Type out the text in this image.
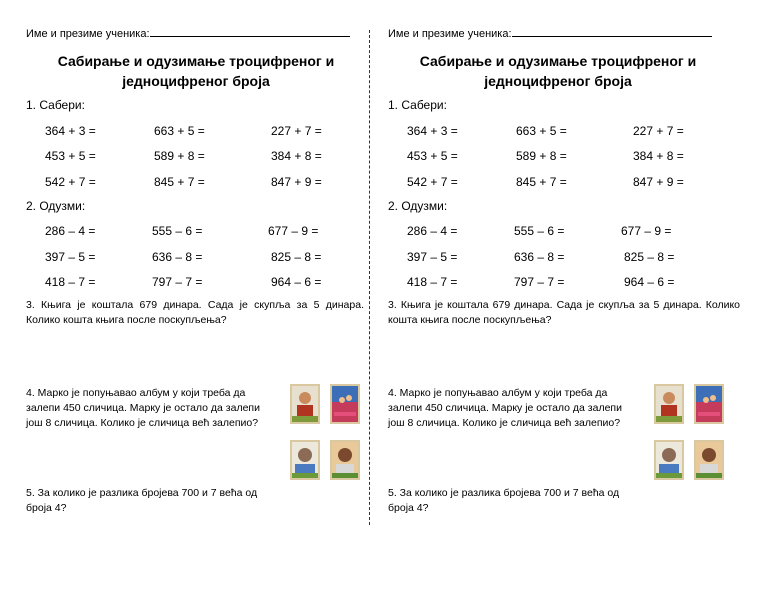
Име и презиме ученика:
Сабирање и одузимање троцифреног и
једноцифреног броја
1. Сабери:
364 + 3 =	663 + 5 =	227 + 7 =
453 + 5 =	589 + 8 =	384 + 8 =
542 + 7 =	845 + 7 =	847 + 9 =
2. Одузми:
286 – 4 =	555 – 6 =	677 – 9 =
397 – 5 =	636 – 8 =	825 – 8 =
418 – 7 =	797 – 7 =	964 – 6 =
3. Књига је коштала 679 динара. Сада је скупља за 5 динара. Колико кошта књига после поскупљења?
4. Марко је попуњавао албум у који треба да
залепи 450 сличица. Марку је остало да залепи
још 8 сличица. Колико је сличица већ залепио?
5. За колико је разлика бројева 700 и 7 већа од
броја 4?
Име и презиме ученика:
Сабирање и одузимање троцифреног и
једноцифреног броја
1. Сабери:
364 + 3 =	663 + 5 =	227 + 7 =
453 + 5 =	589 + 8 =	384 + 8 =
542 + 7 =	845 + 7 =	847 + 9 =
2. Одузми:
286 – 4 =	555 – 6 =	677 – 9 =
397 – 5 =	636 – 8 =	825 – 8 =
418 – 7 =	797 – 7 =	964 – 6 =
3. Књига је коштала 679 динара. Сада је скупља за 5 динара. Колико кошта књига после поскупљења?
4. Марко је попуњавао албум у који треба да
залепи 450 сличица. Марку је остало да залепи
још 8 сличица. Колико је сличица већ залепио?
5. За колико је разлика бројева 700 и 7 већа од
броја 4?
